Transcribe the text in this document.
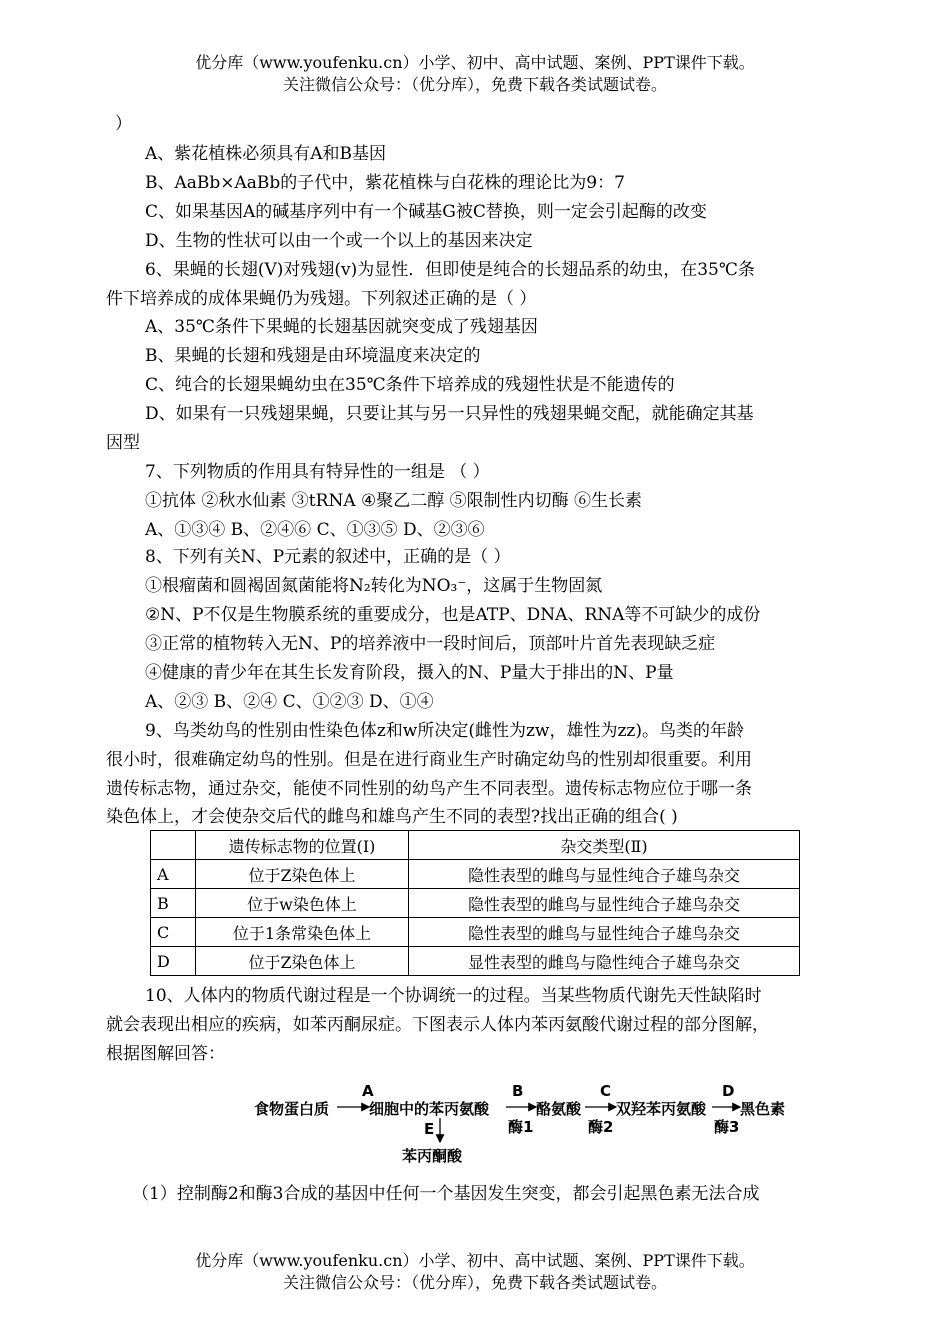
优分库（www.youfenku.cn）小学、初中、高中试题、案例、PPT课件下载。
关注微信公众号：（优分库），免费下载各类试题试卷。
）
A、紫花植株必须具有A和B基因
B、AaBb×AaBb的子代中，紫花植株与白花株的理论比为9：7
C、如果基因A的碱基序列中有一个碱基G被C替换，则一定会引起酶的改变
D、生物的性状可以由一个或一个以上的基因来决定
6、果蝇的长翅(V)对残翅(v)为显性．但即使是纯合的长翅品系的幼虫，在35℃条
件下培养成的成体果蝇仍为残翅。下列叙述正确的是（ ）
A、35℃条件下果蝇的长翅基因就突变成了残翅基因
B、果蝇的长翅和残翅是由环境温度来决定的
C、纯合的长翅果蝇幼虫在35℃条件下培养成的残翅性状是不能遗传的
D、如果有一只残翅果蝇，只要让其与另一只异性的残翅果蝇交配，就能确定其基
因型
7、下列物质的作用具有特异性的一组是 （ ）
①抗体 ②秋水仙素 ③tRNA ④聚乙二醇 ⑤限制性内切酶 ⑥生长素
A、①③④ B、②④⑥ C、①③⑤ D、②③⑥
8、下列有关N、P元素的叙述中，正确的是（ ）
①根瘤菌和圆褐固氮菌能将N₂转化为NO₃⁻，这属于生物固氮
②N、P不仅是生物膜系统的重要成分，也是ATP、DNA、RNA等不可缺少的成份
③正常的植物转入无N、P的培养液中一段时间后，顶部叶片首先表现缺乏症
④健康的青少年在其生长发育阶段，摄入的N、P量大于排出的N、P量
A、②③ B、②④ C、①②③ D、①④
9、鸟类幼鸟的性别由性染色体z和w所决定(雌性为zw，雄性为zz)。鸟类的年龄
很小时，很难确定幼鸟的性别。但是在进行商业生产时确定幼鸟的性别却很重要。利用
遗传标志物，通过杂交，能使不同性别的幼鸟产生不同表型。遗传标志物应位于哪一条
染色体上，才会使杂交后代的雌鸟和雄鸟产生不同的表型?找出正确的组合( )
	遗传标志物的位置(I)	杂交类型(Ⅱ)
A	位于Z染色体上	隐性表型的雌鸟与显性纯合子雄鸟杂交
B	位于w染色体上	隐性表型的雌鸟与显性纯合子雄鸟杂交
C	位于1条常染色体上	隐性表型的雌鸟与显性纯合子雄鸟杂交
D	位于Z染色体上	显性表型的雌鸟与隐性纯合子雄鸟杂交
10、人体内的物质代谢过程是一个协调统一的过程。当某些物质代谢先天性缺陷时
就会表现出相应的疾病，如苯丙酮尿症。下图表示人体内苯丙氨酸代谢过程的部分图解，
根据图解回答：
食物蛋白质
A
细胞中的苯丙氨酸
B
酪氨酸
C
双羟苯丙氨酸
D
黑色素
酶1	酶2	酶3
E
苯丙酮酸
（1）控制酶2和酶3合成的基因中任何一个基因发生突变，都会引起黑色素无法合成
优分库（www.youfenku.cn）小学、初中、高中试题、案例、PPT课件下载。
关注微信公众号：（优分库），免费下载各类试题试卷。
